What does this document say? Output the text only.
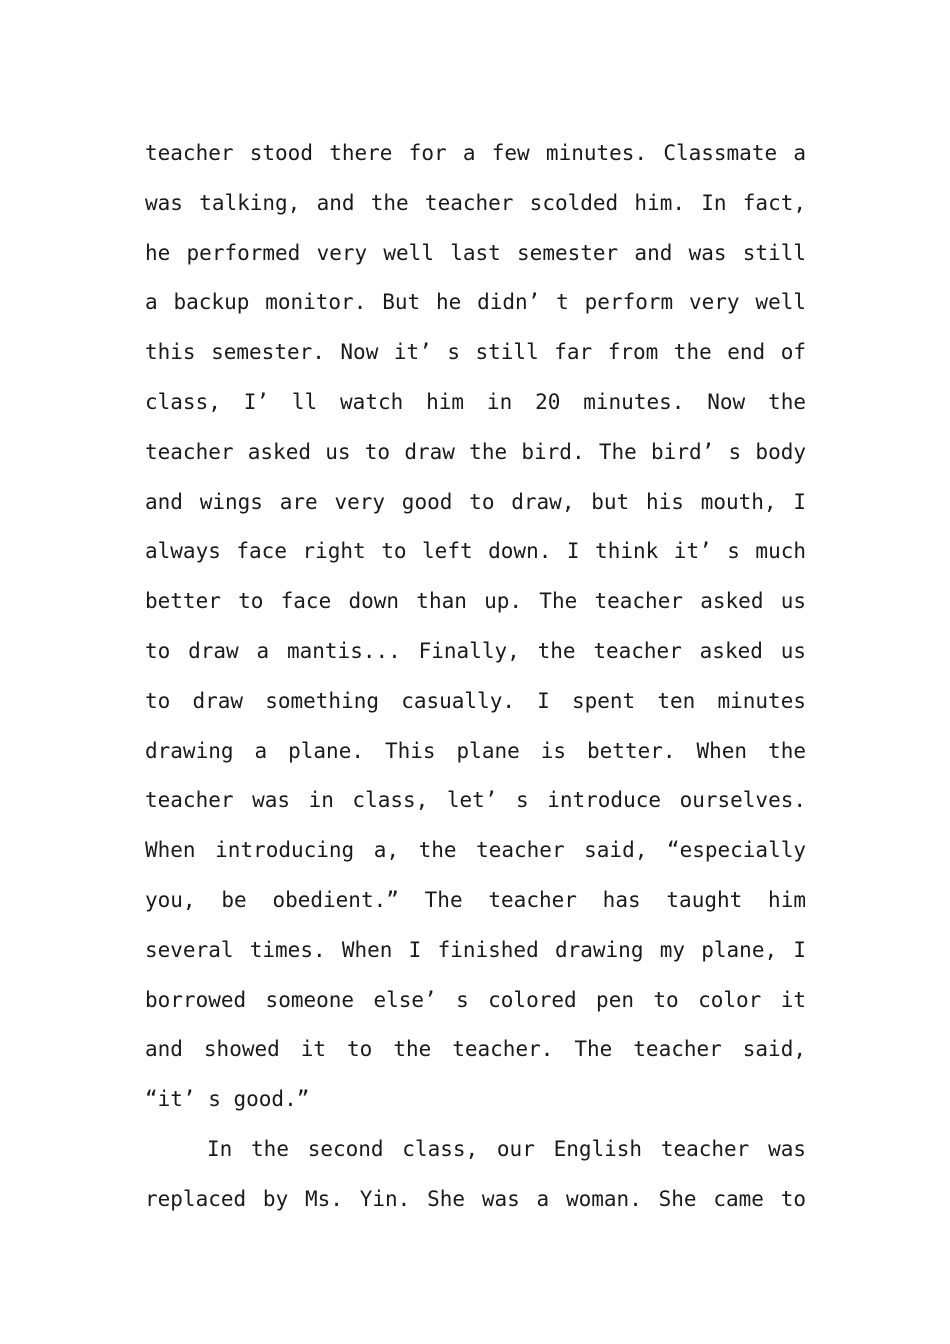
teacher stood there for a few minutes. Classmate a
was talking, and the teacher scolded him. In fact,
he performed very well last semester and was still
a backup monitor. But he didn’ t perform very well
this semester. Now it’ s still far from the end of
class, I’ ll watch him in 20 minutes. Now the
teacher asked us to draw the bird. The bird’ s body
and wings are very good to draw, but his mouth, I
always face right to left down. I think it’ s much
better to face down than up. The teacher asked us
to draw a mantis... Finally, the teacher asked us
to draw something casually. I spent ten minutes
drawing a plane. This plane is better. When the
teacher was in class, let’ s introduce ourselves.
When introducing a, the teacher said, “especially
you, be obedient.” The teacher has taught him
several times. When I finished drawing my plane, I
borrowed someone else’ s colored pen to color it
and showed it to the teacher. The teacher said,
“it’ s good.”
In the second class, our English teacher was
replaced by Ms. Yin. She was a woman. She came to
